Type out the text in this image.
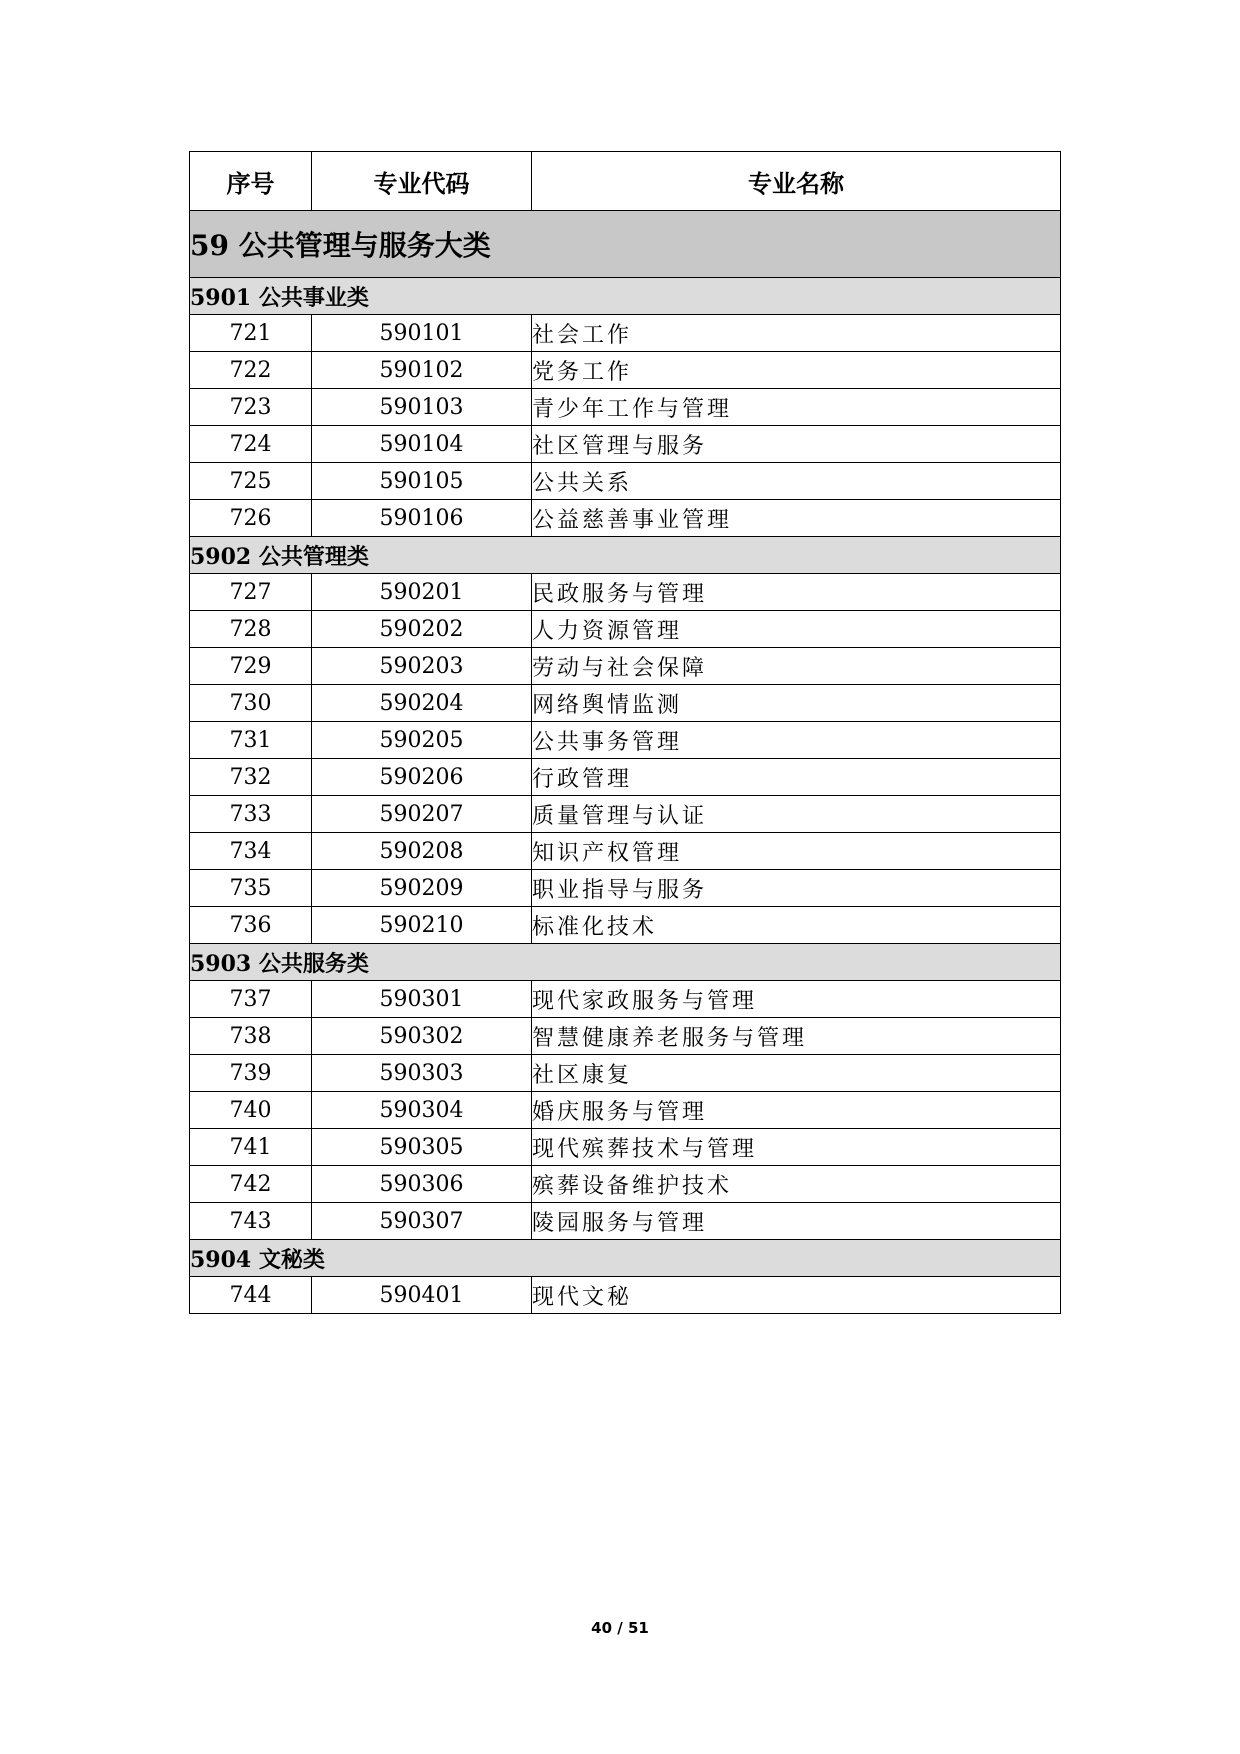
序号	专业代码	专业名称
59 公共管理与服务大类		
5901 公共事业类		
721	590101	社会工作
722	590102	党务工作
723	590103	青少年工作与管理
724	590104	社区管理与服务
725	590105	公共关系
726	590106	公益慈善事业管理
5902 公共管理类		
727	590201	民政服务与管理
728	590202	人力资源管理
729	590203	劳动与社会保障
730	590204	网络舆情监测
731	590205	公共事务管理
732	590206	行政管理
733	590207	质量管理与认证
734	590208	知识产权管理
735	590209	职业指导与服务
736	590210	标准化技术
5903 公共服务类		
737	590301	现代家政服务与管理
738	590302	智慧健康养老服务与管理
739	590303	社区康复
740	590304	婚庆服务与管理
741	590305	现代殡葬技术与管理
742	590306	殡葬设备维护技术
743	590307	陵园服务与管理
5904 文秘类		
744	590401	现代文秘
40 / 51
